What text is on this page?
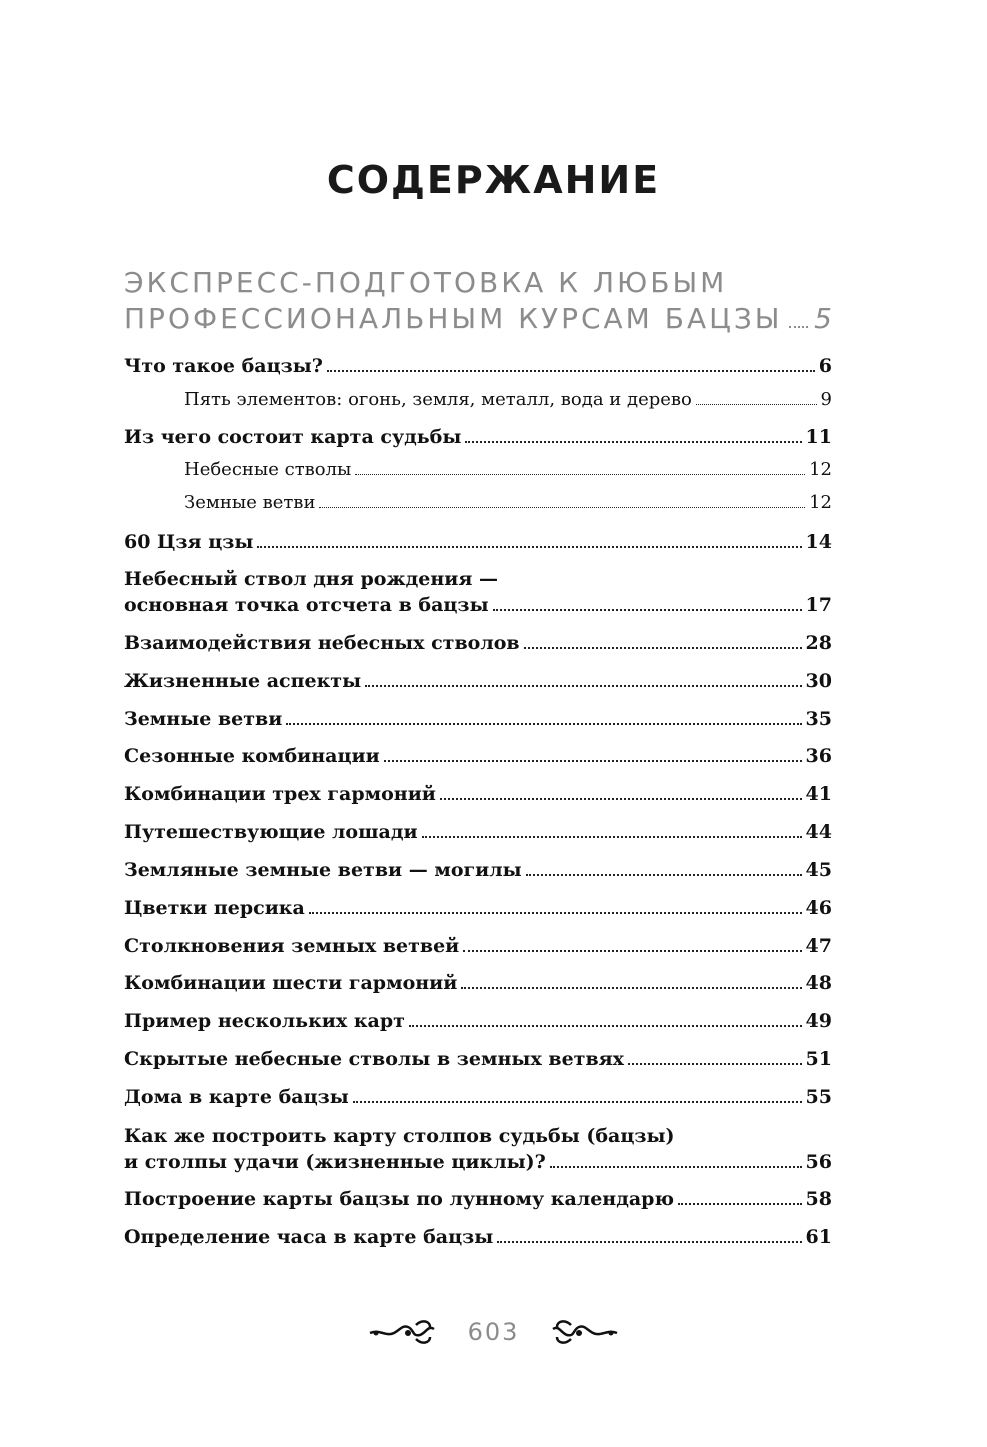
СОДЕРЖАНИЕ
ЭКСПРЕСС-ПОДГОТОВКА К ЛЮБЫМ
ПРОФЕССИОНАЛЬНЫМ КУРСАМ БАЦЗЫ 5
Что такое бацзы?	6
Пять элементов: огонь, земля, металл, вода и дерево	9
Из чего состоит карта судьбы	11
Небесные стволы	12
Земные ветви	12
60 Цзя цзы	14
Небесный ствол дня рождения —
основная точка отсчета в бацзы	17
Взаимодействия небесных стволов	28
Жизненные аспекты	30
Земные ветви	35
Сезонные комбинации	36
Комбинации трех гармоний	41
Путешествующие лошади	44
Земляные земные ветви — могилы	45
Цветки персика	46
Столкновения земных ветвей	47
Комбинации шести гармоний	48
Пример нескольких карт	49
Скрытые небесные стволы в земных ветвях	51
Дома в карте бацзы	55
Как же построить карту столпов судьбы (бацзы)
и столпы удачи (жизненные циклы)?	56
Построение карты бацзы по лунному календарю	58
Определение часа в карте бацзы	61
603
